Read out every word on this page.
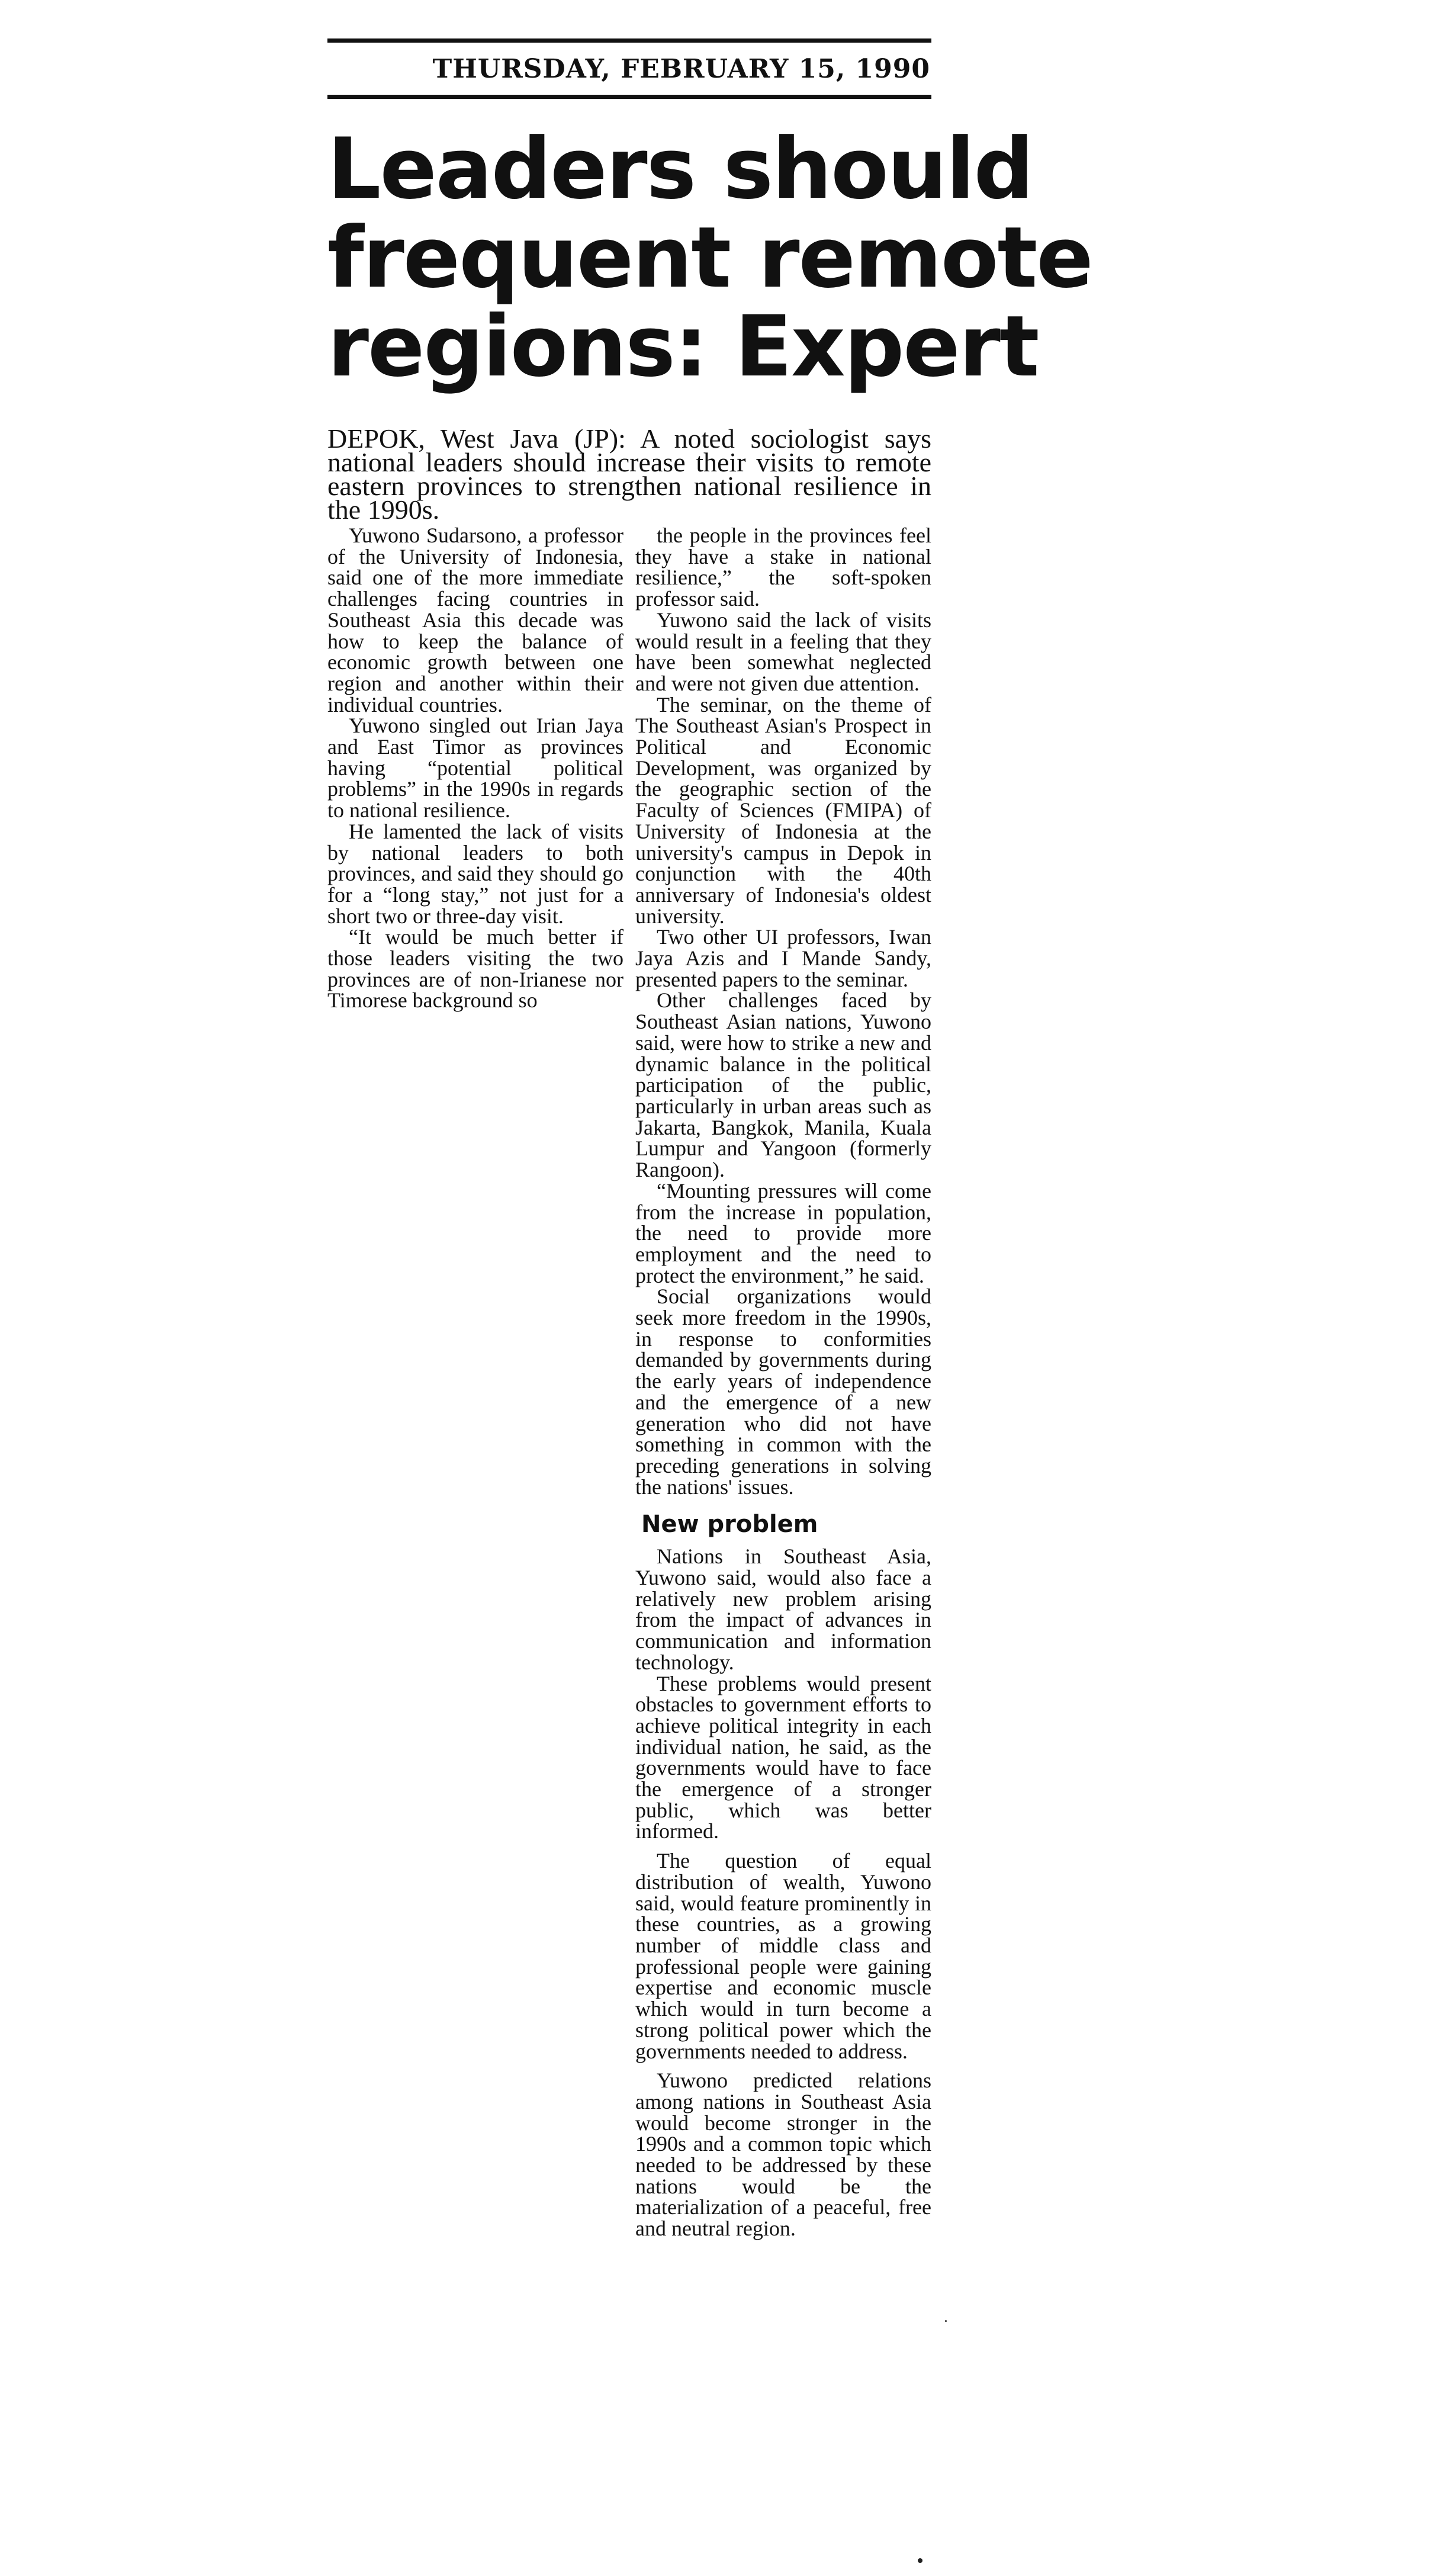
THURSDAY, FEBRUARY 15, 1990
Leaders should
frequent remote
regions: Expert

DEPOK, West Java (JP): A noted sociologist says national leaders should increase their visits to remote eastern provinces to strengthen national resilience in the 1990s.

Yuwono Sudarsono, a professor of the University of Indonesia, said one of the more immediate challenges facing countries in Southeast Asia this decade was how to keep the balance of economic growth between one region and another within their individual countries.

Yuwono singled out Irian Jaya and East Timor as provinces having “potential political problems” in the 1990s in regards to national resilience.

He lamented the lack of visits by national leaders to both provinces, and said they should go for a “long stay,” not just for a short two or three-day visit.

“It would be much better if those leaders visiting the two provinces are of non-Irianese nor Timorese background so

the people in the provinces feel they have a stake in national resilience,” the soft-spoken professor said.

Yuwono said the lack of visits would result in a feeling that they have been somewhat neglected and were not given due attention.

The seminar, on the theme of The Southeast Asian's Prospect in Political and Economic Development, was organized by the geographic section of the Faculty of Sciences (FMIPA) of University of Indonesia at the university's campus in Depok in conjunction with the 40th anniversary of Indonesia's oldest university.

Two other UI professors, Iwan Jaya Azis and I Mande Sandy, presented papers to the seminar.

Other challenges faced by Southeast Asian nations, Yuwono said, were how to strike a new and dynamic balance in the political participation of the public, particularly in urban areas such as Jakarta, Bangkok, Manila, Kuala Lumpur and Yangoon (formerly Rangoon).

“Mounting pressures will come from the increase in population, the need to provide more employment and the need to protect the environment,” he said.

Social organizations would seek more freedom in the 1990s, in response to conformities demanded by governments during the early years of independence and the emergence of a new generation who did not have something in common with the preceding generations in solving the nations' issues.

New problem

Nations in Southeast Asia, Yuwono said, would also face a relatively new problem arising from the impact of advances in communication and information technology.

These problems would present obstacles to government efforts to achieve political integrity in each individual nation, he said, as the governments would have to face the emergence of a stronger public, which was better informed.

The question of equal distribution of wealth, Yuwono said, would feature prominently in these countries, as a growing number of middle class and professional people were gaining expertise and economic muscle which would in turn become a strong political power which the governments needed to address.

Yuwono predicted relations among nations in Southeast Asia would become stronger in the 1990s and a common topic which needed to be addressed by these nations would be the materialization of a peaceful, free and neutral region.
